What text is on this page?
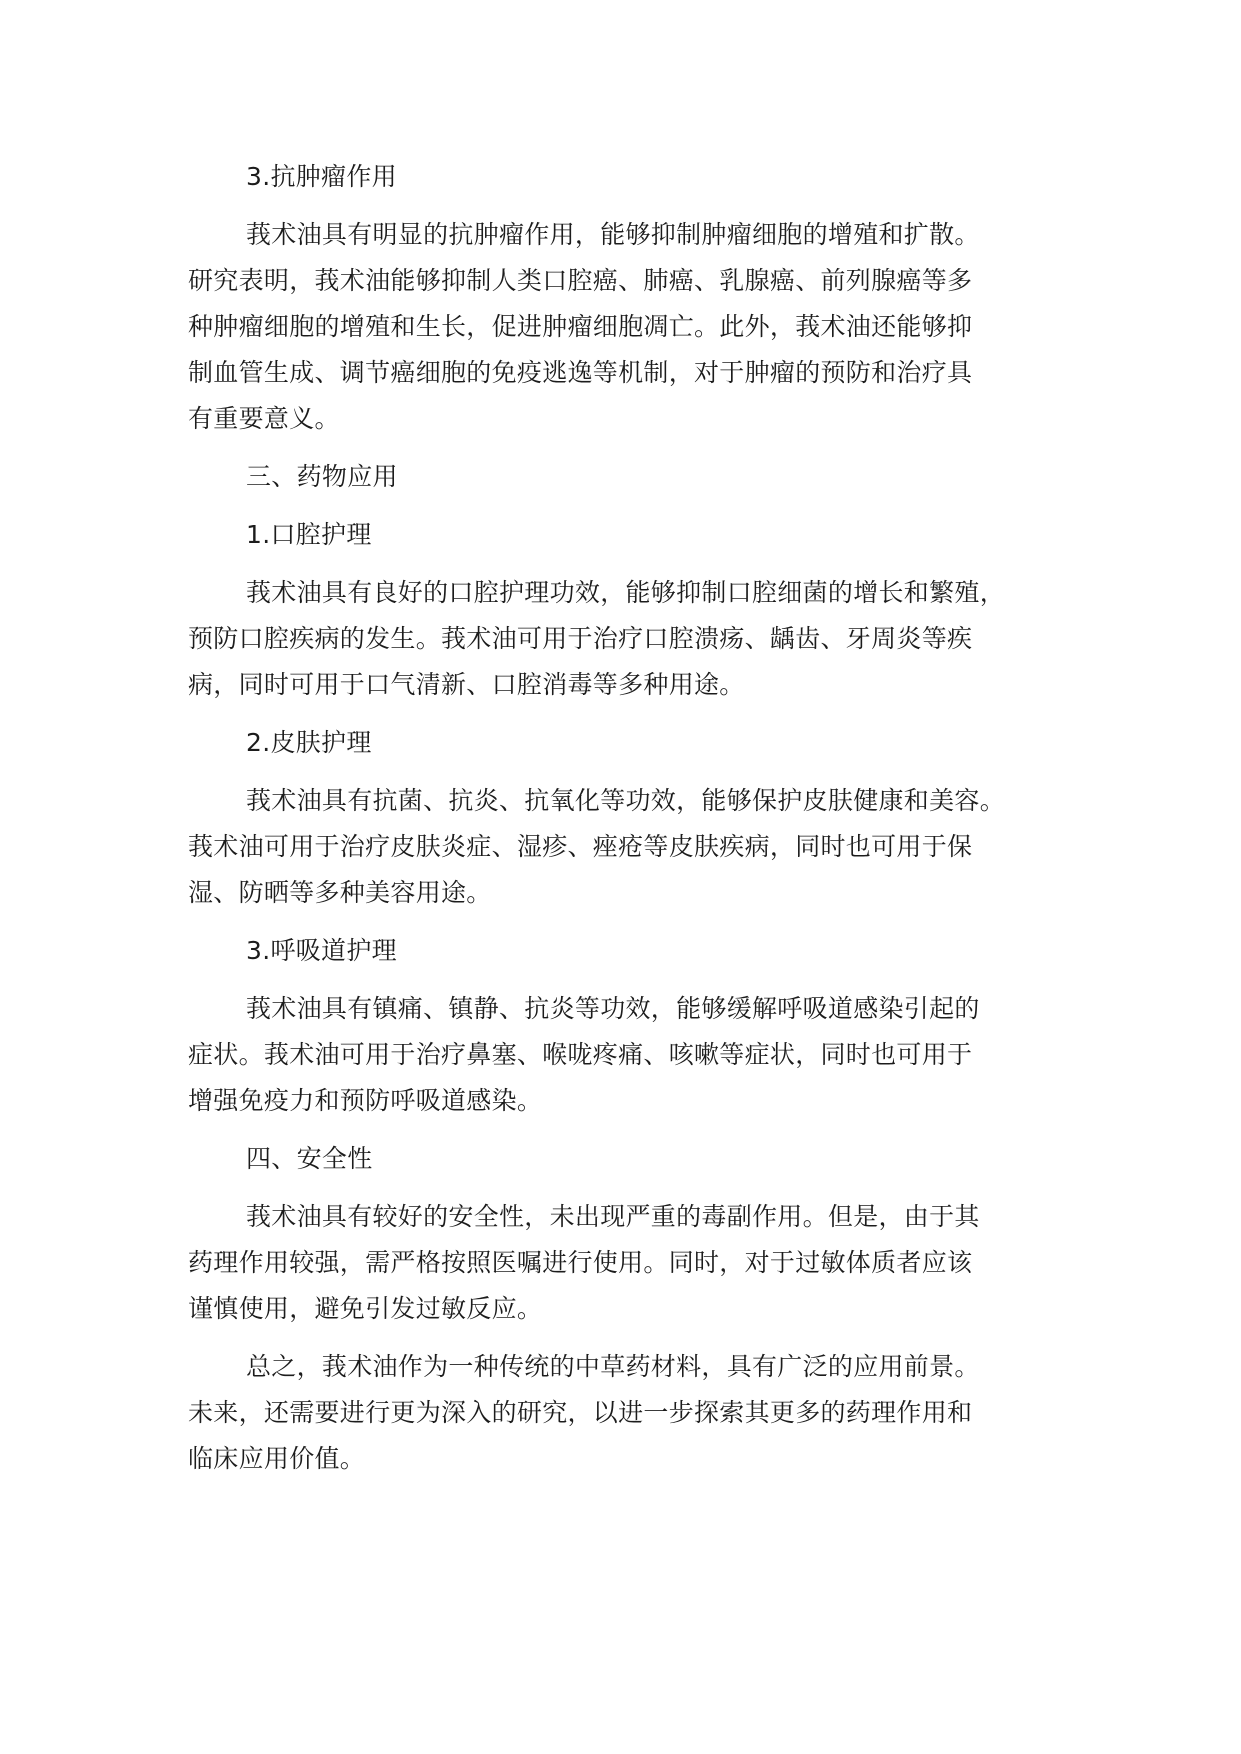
3.抗肿瘤作用
莪术油具有明显的抗肿瘤作用，能够抑制肿瘤细胞的增殖和扩散。
研究表明，莪术油能够抑制人类口腔癌、肺癌、乳腺癌、前列腺癌等多
种肿瘤细胞的增殖和生长，促进肿瘤细胞凋亡。此外，莪术油还能够抑
制血管生成、调节癌细胞的免疫逃逸等机制，对于肿瘤的预防和治疗具
有重要意义。
三、药物应用
1.口腔护理
莪术油具有良好的口腔护理功效，能够抑制口腔细菌的增长和繁殖，
预防口腔疾病的发生。莪术油可用于治疗口腔溃疡、龋齿、牙周炎等疾
病，同时可用于口气清新、口腔消毒等多种用途。
2.皮肤护理
莪术油具有抗菌、抗炎、抗氧化等功效，能够保护皮肤健康和美容。
莪术油可用于治疗皮肤炎症、湿疹、痤疮等皮肤疾病，同时也可用于保
湿、防晒等多种美容用途。
3.呼吸道护理
莪术油具有镇痛、镇静、抗炎等功效，能够缓解呼吸道感染引起的
症状。莪术油可用于治疗鼻塞、喉咙疼痛、咳嗽等症状，同时也可用于
增强免疫力和预防呼吸道感染。
四、安全性
莪术油具有较好的安全性，未出现严重的毒副作用。但是，由于其
药理作用较强，需严格按照医嘱进行使用。同时，对于过敏体质者应该
谨慎使用，避免引发过敏反应。
总之，莪术油作为一种传统的中草药材料，具有广泛的应用前景。
未来，还需要进行更为深入的研究，以进一步探索其更多的药理作用和
临床应用价值。
